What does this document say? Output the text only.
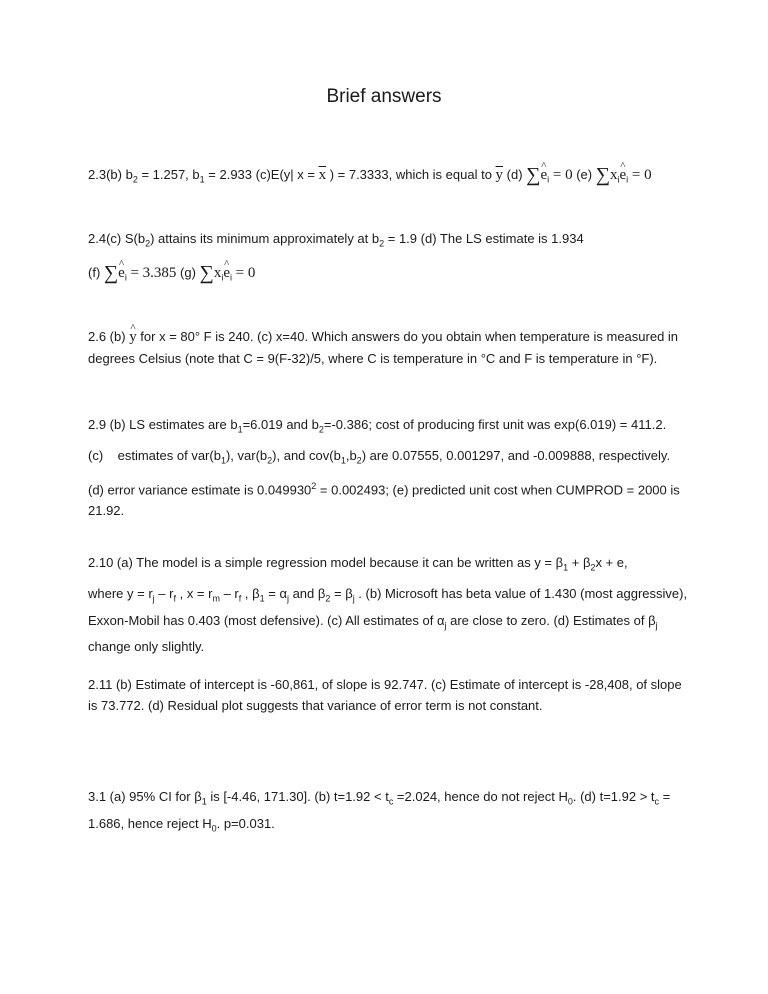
Brief answers
2.3(b) $b_2 = 1.257$, $b_1 = 2.933$ (c)E(y| $x = \overline{x}$ ) = 7.3333, which is equal to $\overline{y}$ (d) ∑^ $e_i = 0$ (e) $\sum x_i\^{}$ $e_i = 0$
2.4(c) $S(b_2)$ attains its minimum approximately at $b_2 = 1.9$ (d) The LS estimate is 1.934
(f) ∑^ $e_i = 3.385$ (g) $\sum x_i\^{}$ $e_i = 0$
2.6 (b) ^ y for x = 80° F is 240. (c) x=40. Which answers do you obtain when temperature is measured in degrees Celsius (note that C = 9(F-32)/5, where C is temperature in °C and F is temperature in °F).
2.9 (b) LS estimates are $b_1=6.019$ and $b_2=-0.386$; cost of producing first unit was exp(6.019) = 411.2.
(c) estimates of $var(b_1)$, $var(b_2)$, and $cov(b_1,b_2)$ are 0.07555, 0.001297, and -0.009888, respectively.
(d) error variance estimate is $0.049930^2 = 0.002493$; (e) predicted unit cost when CUMPROD = 2000 is 21.92.
2.10 (a) The model is a simple regression model because it can be written as $y = \beta_1 + \beta_2x + e$,
where $y = r_j - r_f$ , $x = r_m - r_f$ , $\beta_1 = \alpha_j$ and $\beta_2 = \beta_j$ . (b) Microsoft has beta value of 1.430 (most aggressive), Exxon-Mobil has 0.403 (most defensive). (c) All estimates of $\alpha_j$ are close to zero. (d) Estimates of $\beta_j$ change only slightly.
2.11 (b) Estimate of intercept is -60,861, of slope is 92.747. (c) Estimate of intercept is -28,408, of slope is 73.772. (d) Residual plot suggests that variance of error term is not constant.
3.1 (a) 95% CI for $\beta_1$ is [-4.46, 171.30]. (b) $t=1.92 < t_c =2.024$, hence do not reject $H_0$. (d) $t=1.92 > t_c = 1.686$, hence reject $H_0$. p=0.031.
